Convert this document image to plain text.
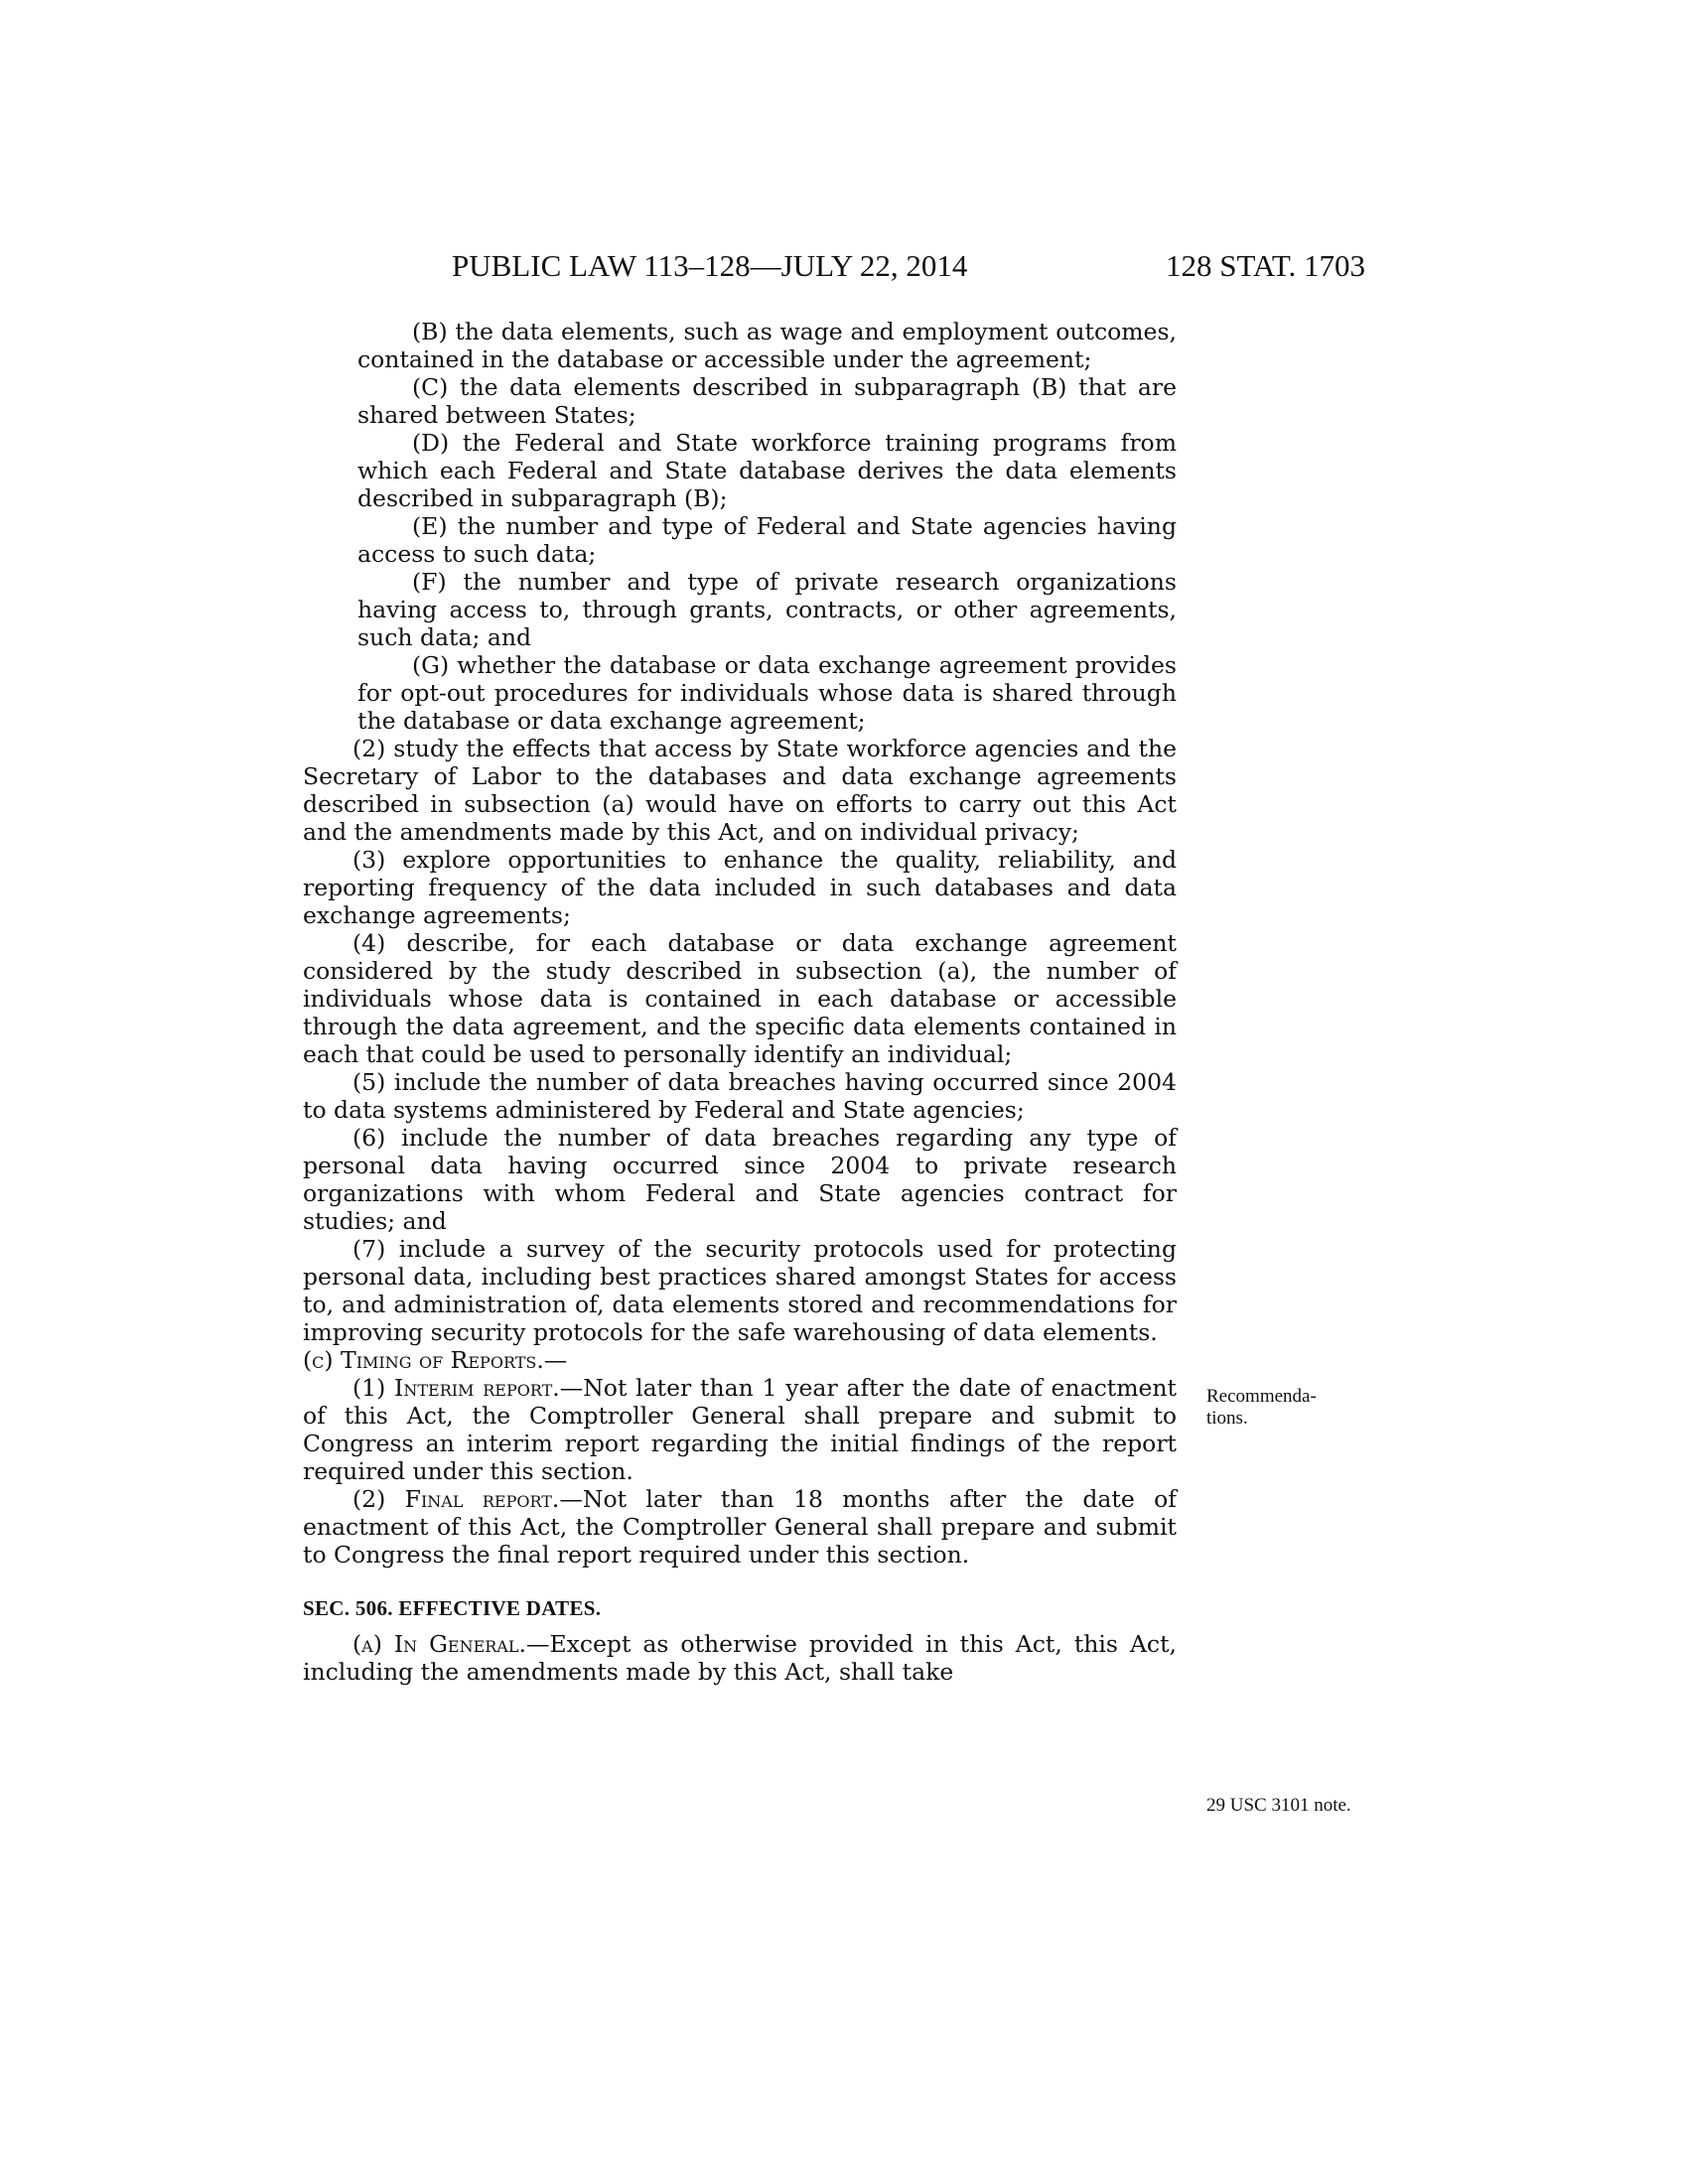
PUBLIC LAW 113–128—JULY 22, 2014	128 STAT. 1703

(B) the data elements, such as wage and employment outcomes, contained in the database or accessible under the agreement;

(C) the data elements described in subparagraph (B) that are shared between States;

(D) the Federal and State workforce training programs from which each Federal and State database derives the data elements described in subparagraph (B);

(E) the number and type of Federal and State agencies having access to such data;

(F) the number and type of private research organizations having access to, through grants, contracts, or other agreements, such data; and

(G) whether the database or data exchange agreement provides for opt-out procedures for individuals whose data is shared through the database or data exchange agreement;

(2) study the effects that access by State workforce agencies and the Secretary of Labor to the databases and data exchange agreements described in subsection (a) would have on efforts to carry out this Act and the amendments made by this Act, and on individual privacy;

(3) explore opportunities to enhance the quality, reliability, and reporting frequency of the data included in such databases and data exchange agreements;

(4) describe, for each database or data exchange agreement considered by the study described in subsection (a), the number of individuals whose data is contained in each database or accessible through the data agreement, and the specific data elements contained in each that could be used to personally identify an individual;

(5) include the number of data breaches having occurred since 2004 to data systems administered by Federal and State agencies;

(6) include the number of data breaches regarding any type of personal data having occurred since 2004 to private research organizations with whom Federal and State agencies contract for studies; and

(7) include a survey of the security protocols used for protecting personal data, including best practices shared amongst States for access to, and administration of, data elements stored and recommendations for improving security protocols for the safe warehousing of data elements.

(c) Timing of Reports.—

(1) Interim report.—Not later than 1 year after the date of enactment of this Act, the Comptroller General shall prepare and submit to Congress an interim report regarding the initial findings of the report required under this section.

(2) Final report.—Not later than 18 months after the date of enactment of this Act, the Comptroller General shall prepare and submit to Congress the final report required under this section.

SEC. 506. EFFECTIVE DATES.

(a) In General.—Except as otherwise provided in this Act, this Act, including the amendments made by this Act, shall take

Recommenda-tions.
29 USC 3101 note.
